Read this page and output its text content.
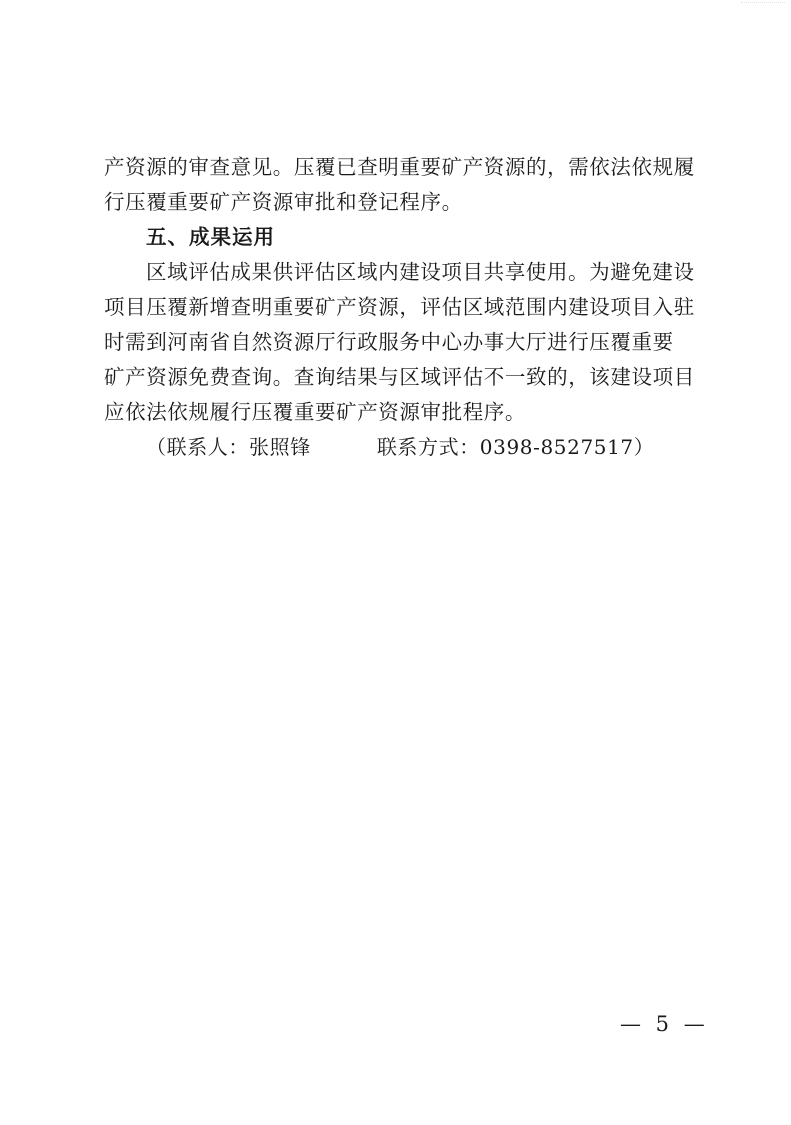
产资源的审查意见。压覆已查明重要矿产资源的，需依法依规履
行压覆重要矿产资源审批和登记程序。
五、成果运用
区域评估成果供评估区域内建设项目共享使用。为避免建设
项目压覆新增查明重要矿产资源，评估区域范围内建设项目入驻
时需到河南省自然资源厅行政服务中心办事大厅进行压覆重要
矿产资源免费查询。查询结果与区域评估不一致的，该建设项目
应依法依规履行压覆重要矿产资源审批程序。
（联系人：张照锋	联系方式：0398-8527517）
— 5 —
